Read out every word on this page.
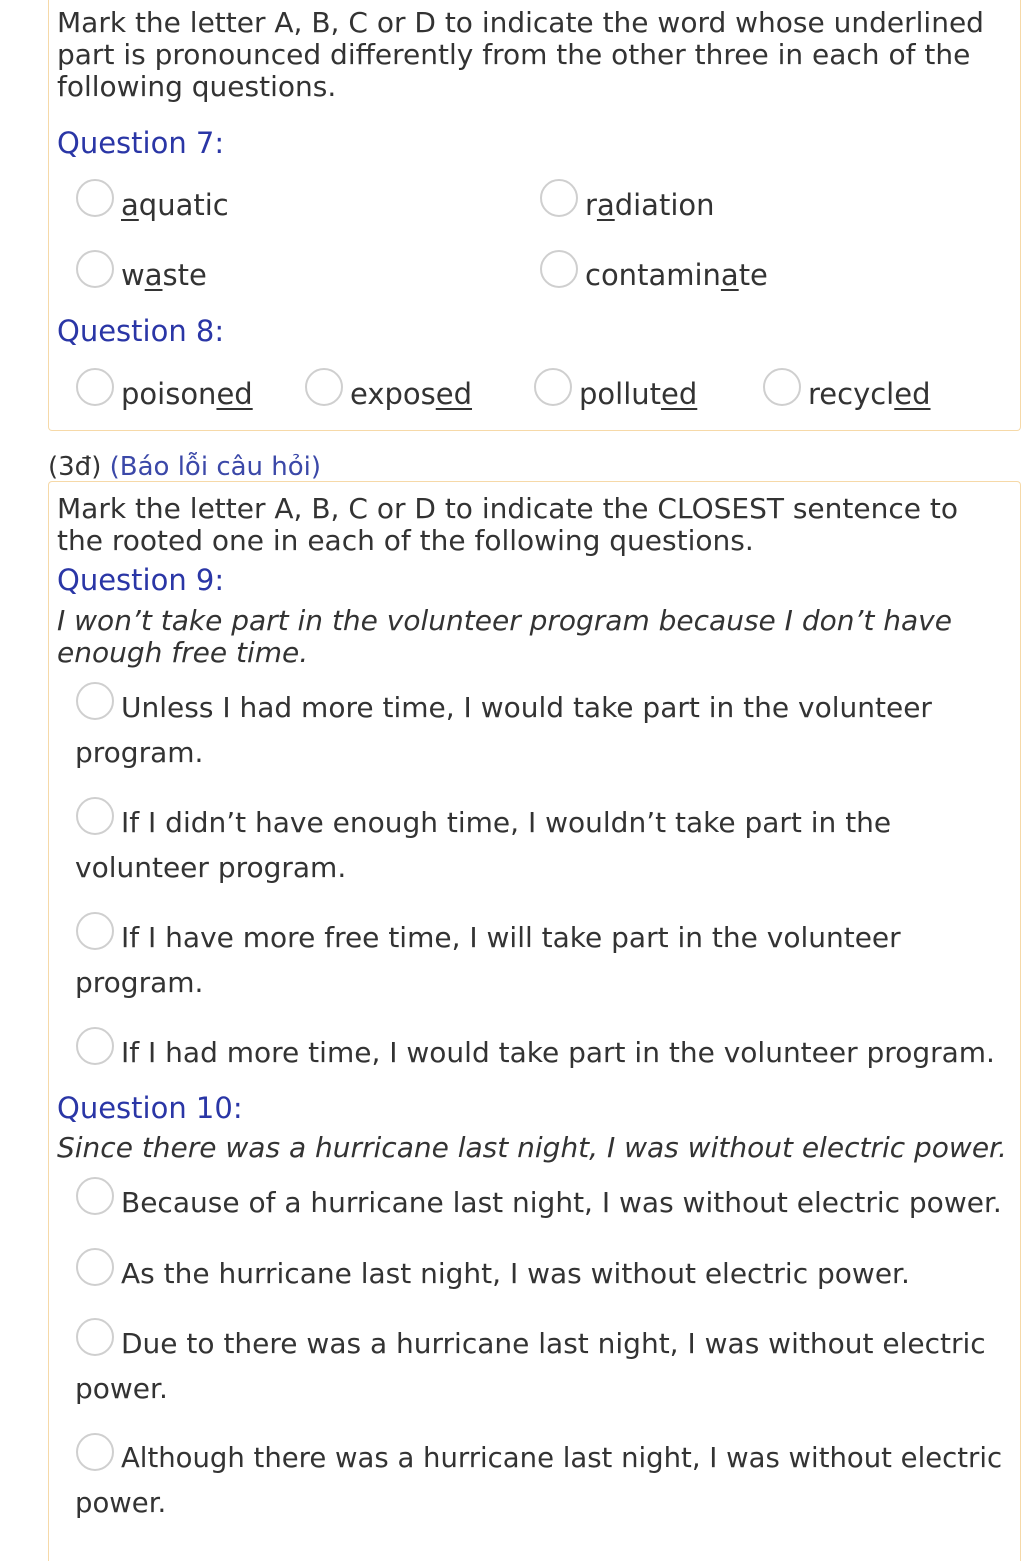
Mark the letter A, B, C or D to indicate the word whose underlined part is pronounced differently from the other three in each of the following questions.
Question 7:
aquatic	radiation
waste	contaminate
Question 8:
poisoned	exposed	polluted	recycled
(3đ) (Báo lỗi câu hỏi)
Mark the letter A, B, C or D to indicate the CLOSEST sentence to the rooted one in each of the following questions.
Question 9:
I won’t take part in the volunteer program because I don’t have enough free time.
Unless I had more time, I would take part in the volunteer program.
If I didn’t have enough time, I wouldn’t take part in the volunteer program.
If I have more free time, I will take part in the volunteer program.
If I had more time, I would take part in the volunteer program.
Question 10:
Since there was a hurricane last night, I was without electric power.
Because of a hurricane last night, I was without electric power.
As the hurricane last night, I was without electric power.
Due to there was a hurricane last night, I was without electric power.
Although there was a hurricane last night, I was without electric power.
